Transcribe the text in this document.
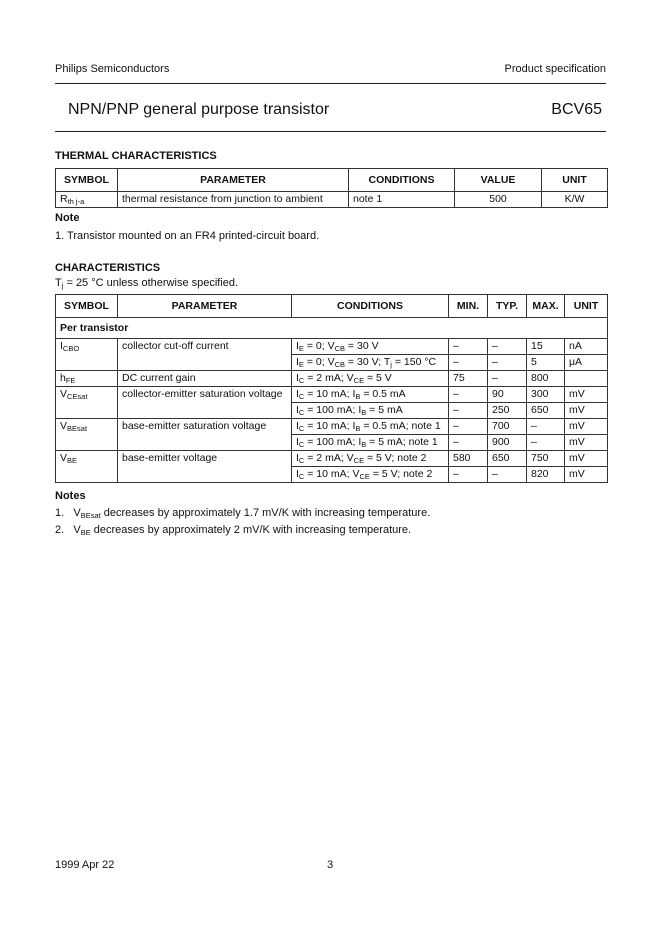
Philips Semiconductors	Product specification
NPN/PNP general purpose transistor	BCV65
THERMAL CHARACTERISTICS
SYMBOL	PARAMETER	CONDITIONS	VALUE	UNIT
$R_{th j-a}$	thermal resistance from junction to ambient	note 1	500	K/W
Note
1. Transistor mounted on an FR4 printed-circuit board.
CHARACTERISTICS
$T_j = 25$ °C unless otherwise specified.
SYMBOL	PARAMETER	CONDITIONS	MIN.	TYP.	MAX.	UNIT
Per transistor						
$I_{CBO}$	collector cut-off current	$I_E = 0$; $V_{CB} = 30$ V	–	–	15	nA
		$I_E = 0$; $V_{CB} = 30$ V; $T_j = 150$ °C	–	–	5	μA
$h_{FE}$	DC current gain	$I_C = 2$ mA; $V_{CE} = 5$ V	75	–	800	
$V_{CEsat}$	collector-emitter saturation voltage	$I_C = 10$ mA; $I_B = 0.5$ mA	–	90	300	mV
		$I_C = 100$ mA; $I_B = 5$ mA	–	250	650	mV
$V_{BEsat}$	base-emitter saturation voltage	$I_C = 10$ mA; $I_B = 0.5$ mA; note 1	–	700	–	mV
		$I_C = 100$ mA; $I_B = 5$ mA; note 1	–	900	–	mV
$V_{BE}$	base-emitter voltage	$I_C = 2$ mA; $V_{CE} = 5$ V; note 2	580	650	750	mV
		$I_C = 10$ mA; $V_{CE} = 5$ V; note 2	–	–	820	mV
Notes
1. $V_{BEsat}$ decreases by approximately 1.7 mV/K with increasing temperature.
2. $V_{BE}$ decreases by approximately 2 mV/K with increasing temperature.
1999 Apr 22	3
